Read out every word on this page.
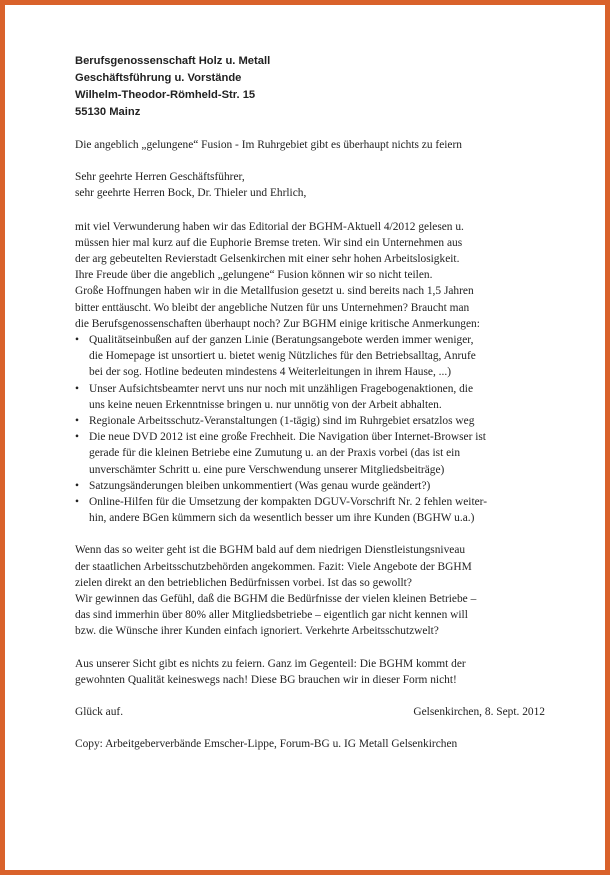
Berufsgenossenschaft Holz u. Metall
Geschäftsführung u. Vorstände
Wilhelm-Theodor-Römheld-Str. 15
55130 Mainz
Die angeblich „gelungene“ Fusion - Im Ruhrgebiet gibt es überhaupt nichts zu feiern
Sehr geehrte Herren Geschäftsführer,
sehr geehrte Herren Bock, Dr. Thieler und Ehrlich,
mit viel Verwunderung haben wir das Editorial der BGHM-Aktuell 4/2012 gelesen u.
müssen hier mal kurz auf die Euphorie Bremse treten. Wir sind ein Unternehmen aus
der arg gebeutelten Revierstadt Gelsenkirchen mit einer sehr hohen Arbeitslosigkeit.
Ihre Freude über die angeblich „gelungene“ Fusion können wir so nicht teilen.
Große Hoffnungen haben wir in die Metallfusion gesetzt u. sind bereits nach 1,5 Jahren
bitter enttäuscht. Wo bleibt der angebliche Nutzen für uns Unternehmen? Braucht man
die Berufsgenossenschaften überhaupt noch? Zur BGHM einige kritische Anmerkungen:
• Qualitätseinbußen auf der ganzen Linie (Beratungsangebote werden immer weniger,
die Homepage ist unsortiert u. bietet wenig Nützliches für den Betriebsalltag, Anrufe
bei der sog. Hotline bedeuten mindestens 4 Weiterleitungen in ihrem Hause, ...)
• Unser Aufsichtsbeamter nervt uns nur noch mit unzähligen Fragebogenaktionen, die
uns keine neuen Erkenntnisse bringen u. nur unnötig von der Arbeit abhalten.
• Regionale Arbeitsschutz-Veranstaltungen (1-tägig) sind im Ruhrgebiet ersatzlos weg
• Die neue DVD 2012 ist eine große Frechheit. Die Navigation über Internet-Browser ist
gerade für die kleinen Betriebe eine Zumutung u. an der Praxis vorbei (das ist ein
unverschämter Schritt u. eine pure Verschwendung unserer Mitgliedsbeiträge)
• Satzungsänderungen bleiben unkommentiert (Was genau wurde geändert?)
• Online-Hilfen für die Umsetzung der kompakten DGUV-Vorschrift Nr. 2 fehlen weiter-
hin, andere BGen kümmern sich da wesentlich besser um ihre Kunden (BGHW u.a.)
Wenn das so weiter geht ist die BGHM bald auf dem niedrigen Dienstleistungsniveau
der staatlichen Arbeitsschutzbehörden angekommen. Fazit: Viele Angebote der BGHM
zielen direkt an den betrieblichen Bedürfnissen vorbei. Ist das so gewollt?
Wir gewinnen das Gefühl, daß die BGHM die Bedürfnisse der vielen kleinen Betriebe –
das sind immerhin über 80% aller Mitgliedsbetriebe – eigentlich gar nicht kennen will
bzw. die Wünsche ihrer Kunden einfach ignoriert. Verkehrte Arbeitsschutzwelt?
Aus unserer Sicht gibt es nichts zu feiern. Ganz im Gegenteil: Die BGHM kommt der
gewohnten Qualität keineswegs nach! Diese BG brauchen wir in dieser Form nicht!
Glück auf.	Gelsenkirchen, 8. Sept. 2012
Copy: Arbeitgeberverbände Emscher-Lippe, Forum-BG u. IG Metall Gelsenkirchen
